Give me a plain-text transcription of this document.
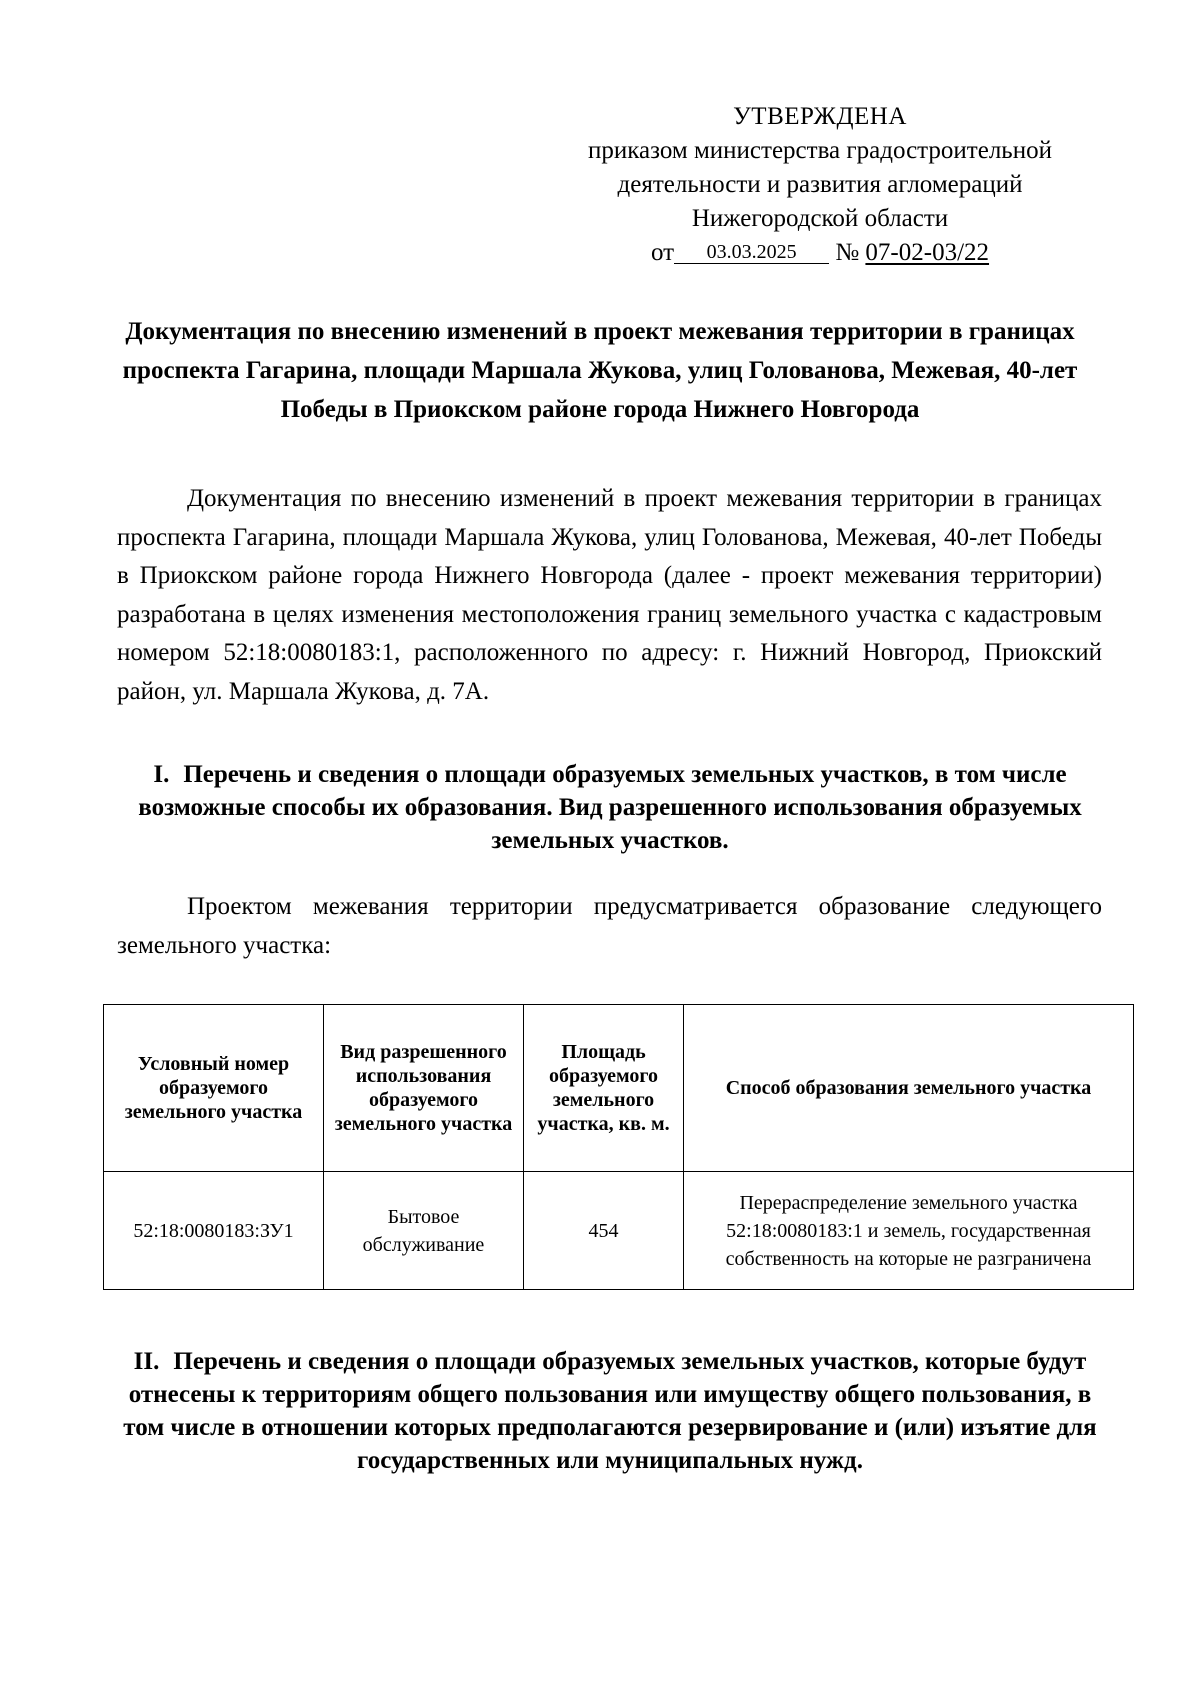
УТВЕРЖДЕНА
приказом министерства градостроительной
деятельности и развития агломераций
Нижегородской области
от 03.03.2025 № 07-02-03/22
Документация по внесению изменений в проект межевания территории в границах проспекта Гагарина, площади Маршала Жукова, улиц Голованова, Межевая, 40-лет Победы в Приокском районе города Нижнего Новгорода

Документация по внесению изменений в проект межевания территории в границах проспекта Гагарина, площади Маршала Жукова, улиц Голованова, Межевая, 40-лет Победы в Приокском районе города Нижнего Новгорода (далее - проект межевания территории) разработана в целях изменения местоположения границ земельного участка с кадастровым номером 52:18:0080183:1, расположенного по адресу: г. Нижний Новгород, Приокский район, ул. Маршала Жукова, д. 7А.

I. Перечень и сведения о площади образуемых земельных участков, в том числе возможные способы их образования. Вид разрешенного использования образуемых земельных участков.

Проектом межевания территории предусматривается образование следующего земельного участка:

Условный номер образуемого земельного участка	Вид разрешенного использования образуемого земельного участка	Площадь образуемого земельного участка, кв. м.	Способ образования земельного участка
52:18:0080183:ЗУ1	Бытовое обслуживание	454	Перераспределение земельного участка 52:18:0080183:1 и земель, государственная собственность на которые не разграничена
II. Перечень и сведения о площади образуемых земельных участков, которые будут отнесены к территориям общего пользования или имуществу общего пользования, в том числе в отношении которых предполагаются резервирование и (или) изъятие для государственных или муниципальных нужд.
